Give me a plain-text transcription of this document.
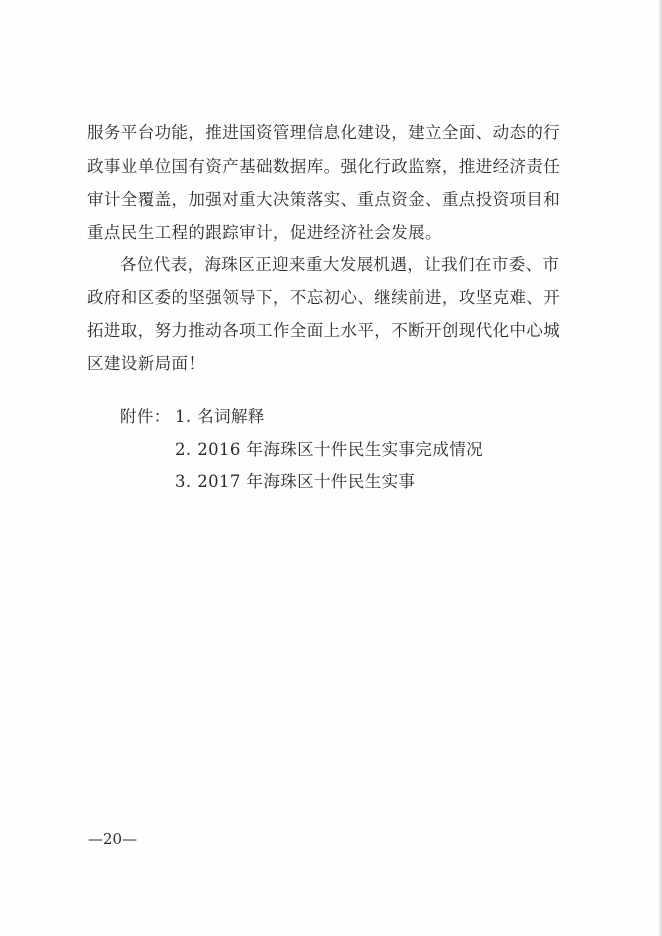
服务平台功能，推进国资管理信息化建设，建立全面、动态的行
政事业单位国有资产基础数据库。强化行政监察，推进经济责任
审计全覆盖，加强对重大决策落实、重点资金、重点投资项目和
重点民生工程的跟踪审计，促进经济社会发展。
各位代表，海珠区正迎来重大发展机遇，让我们在市委、市
政府和区委的坚强领导下，不忘初心、继续前进，攻坚克难、开
拓进取，努力推动各项工作全面上水平，不断开创现代化中心城
区建设新局面！
附件： 1. 名词解释
2. 2016 年海珠区十件民生实事完成情况
3. 2017 年海珠区十件民生实事
—20—
